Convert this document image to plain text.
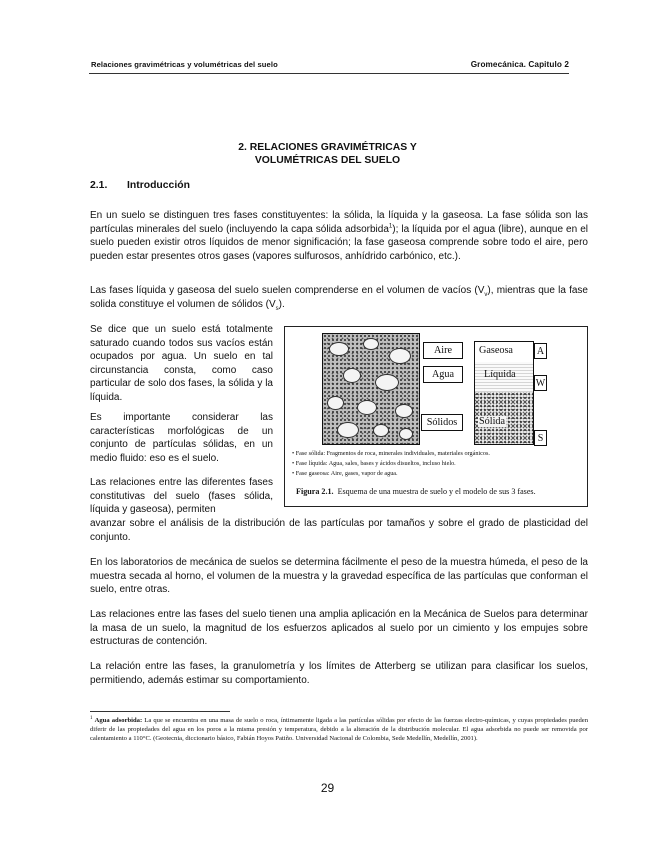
Relaciones gravimétricas y volumétricas del suelo	Gromecánica. Capitulo 2
2. RELACIONES GRAVIMÉTRICAS Y
VOLUMÉTRICAS DEL SUELO
2.1. Introducción
En un suelo se distinguen tres fases constituyentes: la sólida, la líquida y la gaseosa. La fase sólida son las partículas minerales del suelo (incluyendo la capa sólida adsorbida$^1$); la líquida por el agua (libre), aunque en el suelo pueden existir otros líquidos de menor significación; la fase gaseosa comprende sobre todo el aire, pero pueden estar presentes otros gases (vapores sulfurosos, anhídrido carbónico, etc.).
Las fases líquida y gaseosa del suelo suelen comprenderse en el volumen de vacíos $(V_v)$, mientras que la fase solida constituye el volumen de sólidos $(V_s)$.
Se dice que un suelo está totalmente saturado cuando todos sus vacíos están ocupados por agua. Un suelo en tal circunstancia consta, como caso particular de solo dos fases, la sólida y la líquida.
Es importante considerar las características morfológicas de un conjunto de partículas sólidas, en un medio fluido: eso es el suelo.
Las relaciones entre las diferentes fases constitutivas del suelo (fases sólida, líquida y gaseosa), permiten
avanzar sobre el análisis de la distribución de las partículas por tamaños y sobre el grado de plasticidad del conjunto.
Aire
Agua
Sólidos
Gaseosa
Líquida
Sólida
A
W
S
• Fase sólida: Fragmentos de roca, minerales individuales, materiales orgánicos.
• Fase líquida: Agua, sales, bases y ácidos disueltos, incluso hielo.
• Fase gaseosa: Aire, gases, vapor de agua.
Figura 2.1. Esquema de una muestra de suelo y el modelo de sus 3 fases.
En los laboratorios de mecánica de suelos se determina fácilmente el peso de la muestra húmeda, el peso de la muestra secada al horno, el volumen de la muestra y la gravedad específica de las partículas que conforman el suelo, entre otras.
Las relaciones entre las fases del suelo tienen una amplia aplicación en la Mecánica de Suelos para determinar la masa de un suelo, la magnitud de los esfuerzos aplicados al suelo por un cimiento y los empujes sobre estructuras de contención.
La relación entre las fases, la granulometría y los límites de Atterberg se utilizan para clasificar los suelos, permitiendo, además estimar su comportamiento.
$^1$ Agua adsorbida: La que se encuentra en una masa de suelo o roca, íntimamente ligada a las partículas sólidas por efecto de las fuerzas electro-químicas, y cuyas propiedades pueden diferir de las propiedades del agua en los poros a la misma presión y temperatura, debido a la alteración de la distribución molecular. El agua adsorbida no puede ser removida por calentamiento a 110°C. (Geotecnia, diccionario básico, Fabián Hoyos Patiño. Universidad Nacional de Colombia, Sede Medellín, Medellín, 2001).
29
